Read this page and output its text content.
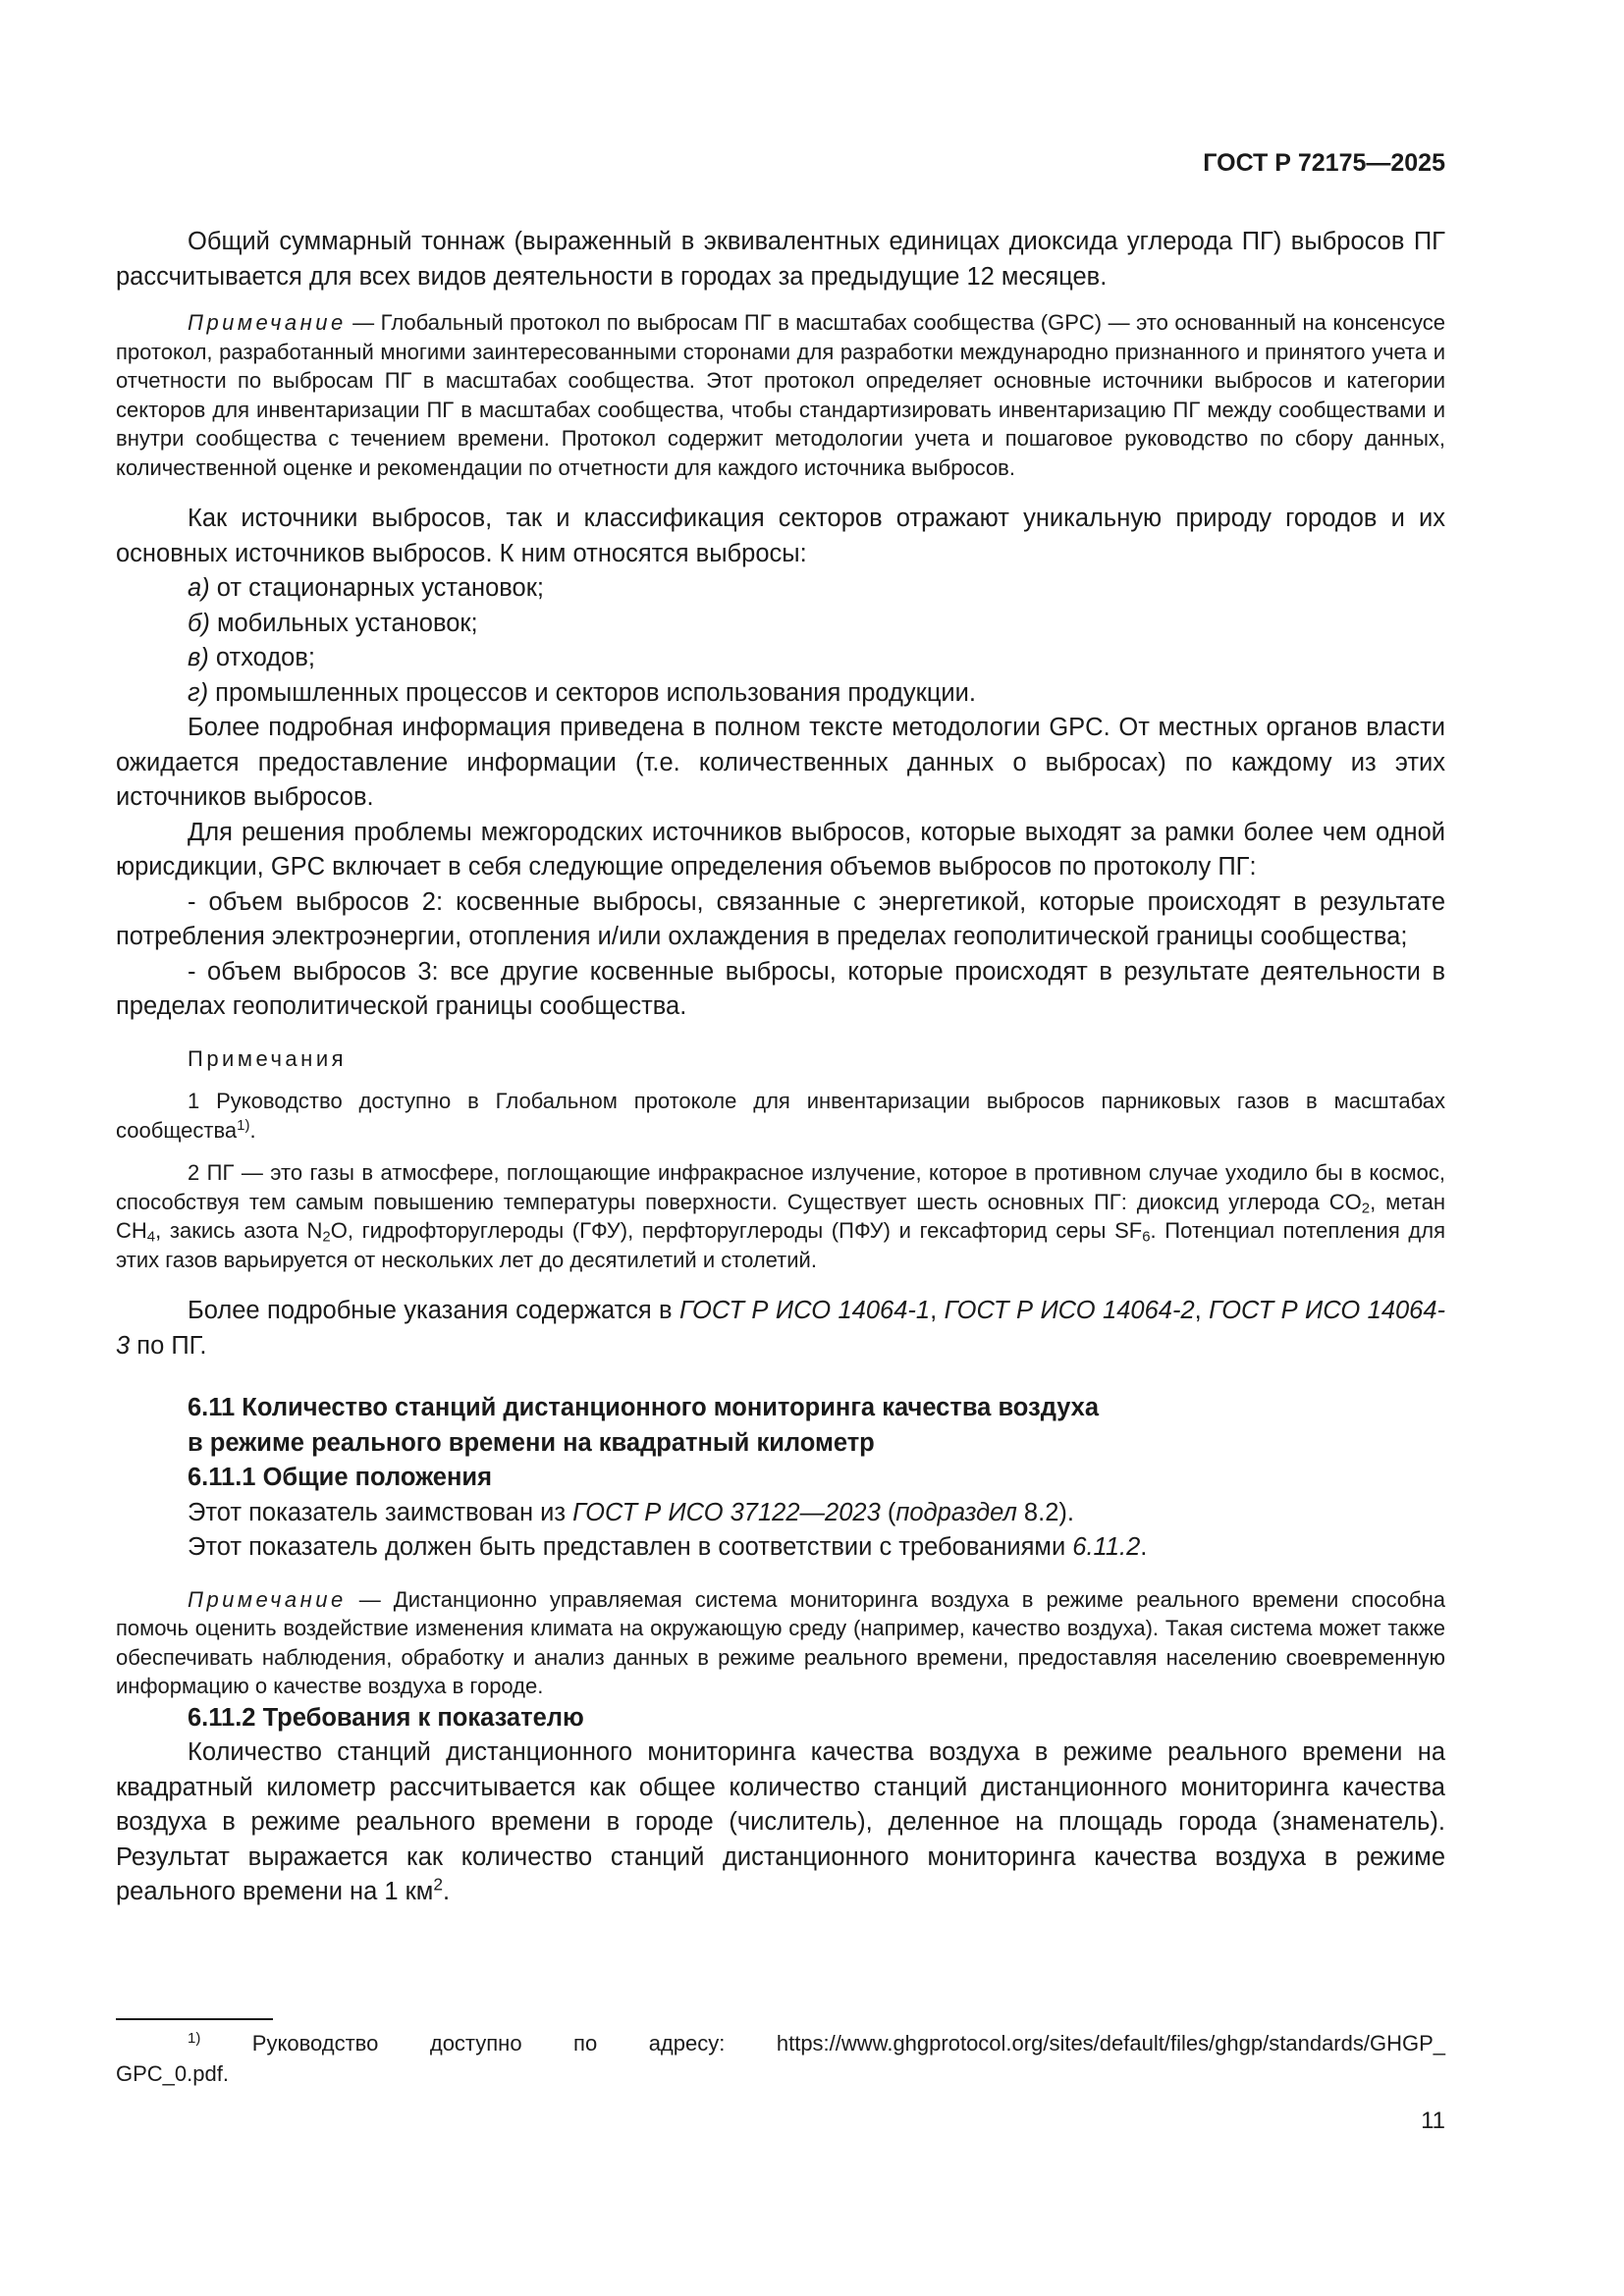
ГОСТ Р 72175—2025

Общий суммарный тоннаж (выраженный в эквивалентных единицах диоксида углерода ПГ) выбросов ПГ рассчитывается для всех видов деятельности в городах за предыдущие 12 месяцев.

Примечание — Глобальный протокол по выбросам ПГ в масштабах сообщества (GPC) — это основанный на консенсусе протокол, разработанный многими заинтересованными сторонами для разработки международно признанного и принятого учета и отчетности по выбросам ПГ в масштабах сообщества. Этот протокол определяет основные источники выбросов и категории секторов для инвентаризации ПГ в масштабах сообщества, чтобы стандартизировать инвентаризацию ПГ между сообществами и внутри сообщества с течением времени. Протокол содержит методологии учета и пошаговое руководство по сбору данных, количественной оценке и рекомендации по отчетности для каждого источника выбросов.

Как источники выбросов, так и классификация секторов отражают уникальную природу городов и их основных источников выбросов. К ним относятся выбросы:

а) от стационарных установок;

б) мобильных установок;

в) отходов;

г) промышленных процессов и секторов использования продукции.

Более подробная информация приведена в полном тексте методологии GPC. От местных органов власти ожидается предоставление информации (т.е. количественных данных о выбросах) по каждому из этих источников выбросов.

Для решения проблемы межгородских источников выбросов, которые выходят за рамки более чем одной юрисдикции, GPC включает в себя следующие определения объемов выбросов по протоколу ПГ:

- объем выбросов 2: косвенные выбросы, связанные с энергетикой, которые происходят в результате потребления электроэнергии, отопления и/или охлаждения в пределах геополитической границы сообщества;

- объем выбросов 3: все другие косвенные выбросы, которые происходят в результате деятельности в пределах геополитической границы сообщества.

Примечания

1 Руководство доступно в Глобальном протоколе для инвентаризации выбросов парниковых газов в масштабах сообщества$^{1)}$.

2 ПГ — это газы в атмосфере, поглощающие инфракрасное излучение, которое в противном случае уходило бы в космос, способствуя тем самым повышению температуры поверхности. Существует шесть основных ПГ: диоксид углерода $CO_2$, метан $CH_4$, закись азота $N_2O$, гидрофторуглероды (ГФУ), перфторуглероды (ПФУ) и гексафторид серы $SF_6$. Потенциал потепления для этих газов варьируется от нескольких лет до десятилетий и столетий.

Более подробные указания содержатся в ГОСТ Р ИСО 14064-1, ГОСТ Р ИСО 14064-2, ГОСТ Р ИСО 14064-3 по ПГ.

6.11 Количество станций дистанционного мониторинга качества воздуха

в режиме реального времени на квадратный километр

6.11.1 Общие положения

Этот показатель заимствован из ГОСТ Р ИСО 37122—2023 (подраздел 8.2).

Этот показатель должен быть представлен в соответствии с требованиями 6.11.2.

Примечание — Дистанционно управляемая система мониторинга воздуха в режиме реального времени способна помочь оценить воздействие изменения климата на окружающую среду (например, качество воздуха). Такая система может также обеспечивать наблюдения, обработку и анализ данных в режиме реального времени, предоставляя населению своевременную информацию о качестве воздуха в городе.

6.11.2 Требования к показателю

Количество станций дистанционного мониторинга качества воздуха в режиме реального времени на квадратный километр рассчитывается как общее количество станций дистанционного мониторинга качества воздуха в режиме реального времени в городе (числитель), деленное на площадь города (знаменатель). Результат выражается как количество станций дистанционного мониторинга качества воздуха в режиме реального времени на 1 $км^2$.

$^{1)}$ Руководство доступно по адресу: https://www.ghgprotocol.org/sites/default/files/ghgp/standards/GHGP_

GPC_0.pdf.

11
